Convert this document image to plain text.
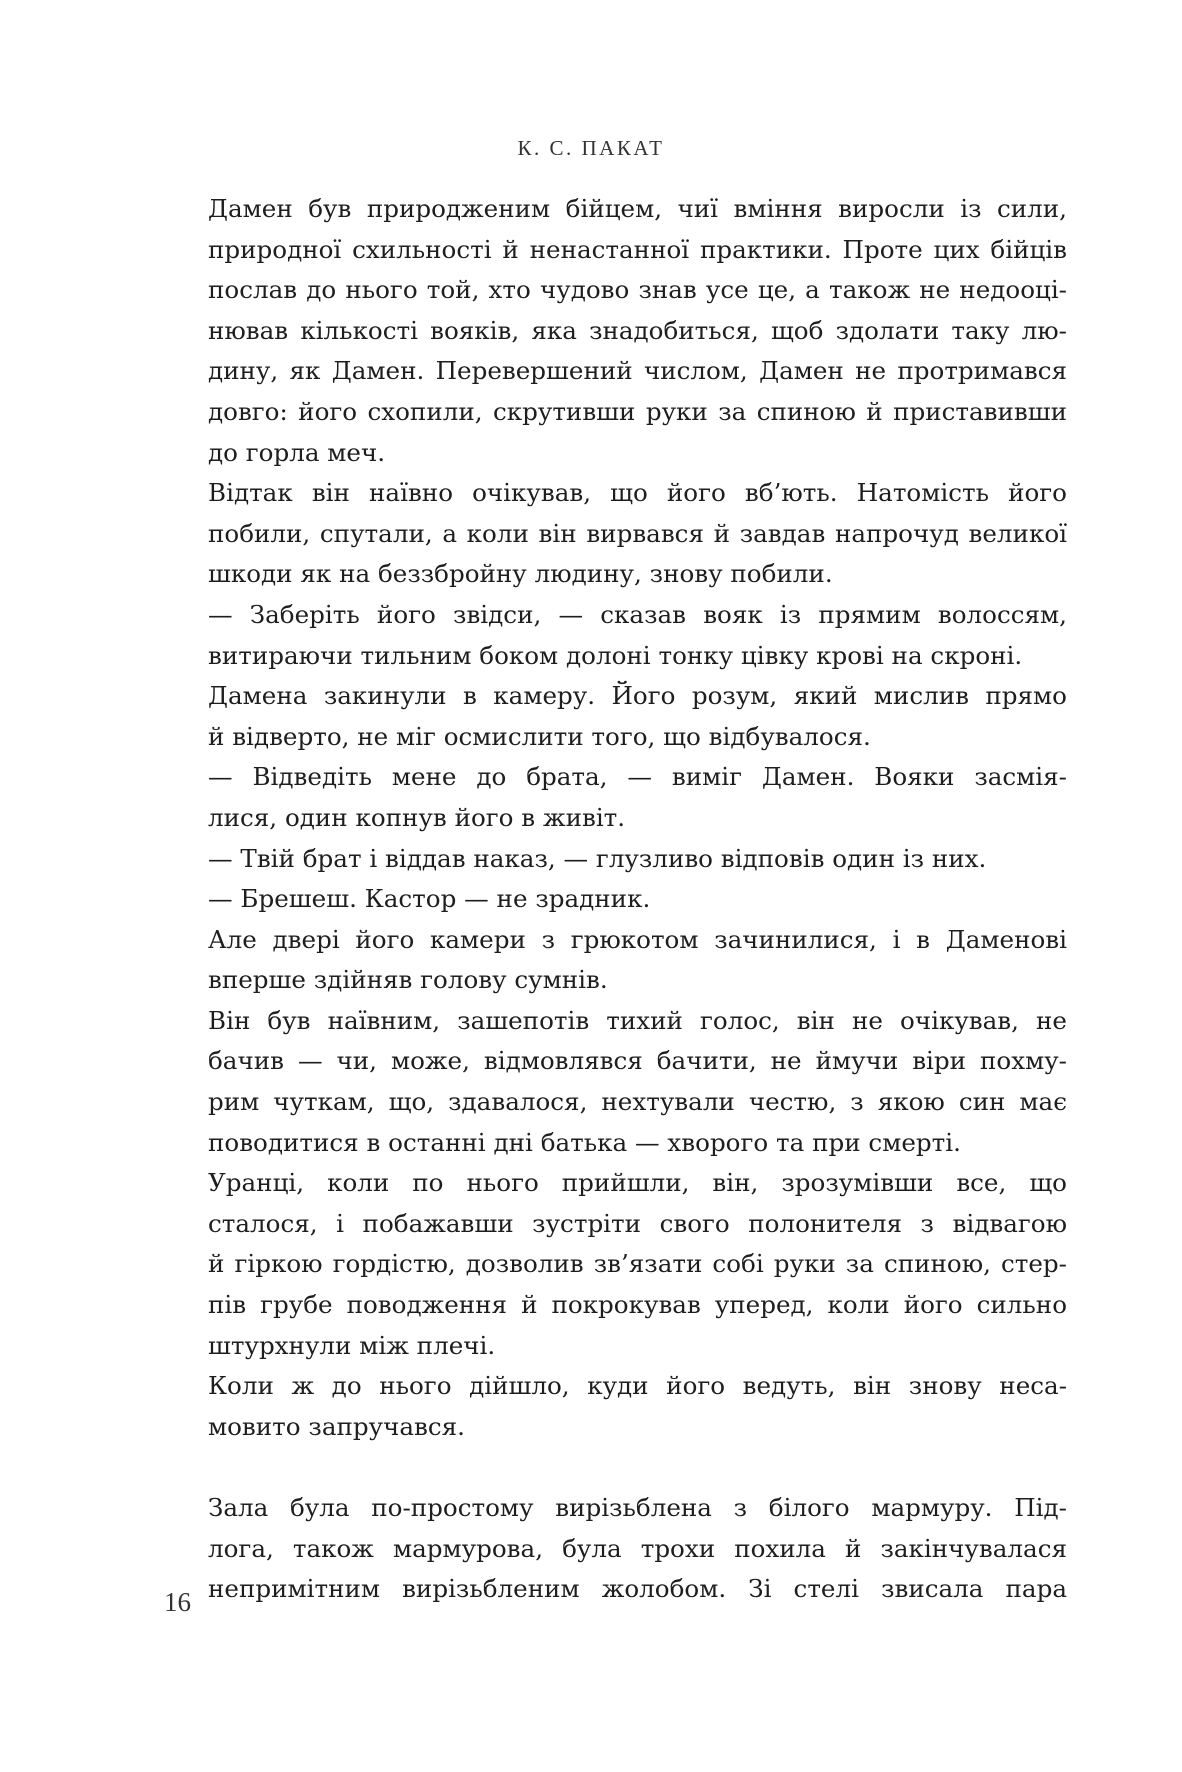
К. С. ПАКАТ

Дамен був природженим бійцем, чиї вміння виросли із сили,
природної схильності й ненастанної практики. Проте цих бійців
послав до нього той, хто чудово знав усе це, а також не недооці-
нював кількості вояків, яка знадобиться, щоб здолати таку лю-
дину, як Дамен. Перевершений числом, Дамен не протримався
довго: його схопили, скрутивши руки за спиною й приставивши
до горла меч.

Відтак він наївно очікував, що його вб’ють. Натомість його
побили, спутали, а коли він вирвався й завдав напрочуд великої
шкоди як на беззбройну людину, знову побили.

— Заберіть його звідси, — сказав вояк із прямим волоссям,
витираючи тильним боком долоні тонку цівку крові на скроні.

Дамена закинули в камеру. Його розум, який мислив прямо
й відверто, не міг осмислити того, що відбувалося.

— Відведіть мене до брата, — виміг Дамен. Вояки засмія-
лися, один копнув його в живіт.

— Твій брат і віддав наказ, — глузливо відповів один із них.

— Брешеш. Кастор — не зрадник.

Але двері його камери з грюкотом зачинилися, і в Даменові
вперше здійняв голову сумнів.

Він був наївним, зашепотів тихий голос, він не очікував, не
бачив — чи, може, відмовлявся бачити, не ймучи віри похму-
рим чуткам, що, здавалося, нехтували честю, з якою син має
поводитися в останні дні батька — хворого та при смерті.

Уранці, коли по нього прийшли, він, зрозумівши все, що
сталося, і побажавши зустріти свого полонителя з відвагою
й гіркою гордістю, дозволив зв’язати собі руки за спиною, стер-
пів грубе поводження й покрокував уперед, коли його сильно
штурхнули між плечі.

Коли ж до нього дійшло, куди його ведуть, він знову неса-
мовито запручався.

Зала була по-простому вирізьблена з білого мармуру. Під-
лога, також мармурова, була трохи похила й закінчувалася
непримітним вирізьбленим жолобом. Зі стелі звисала пара

16
